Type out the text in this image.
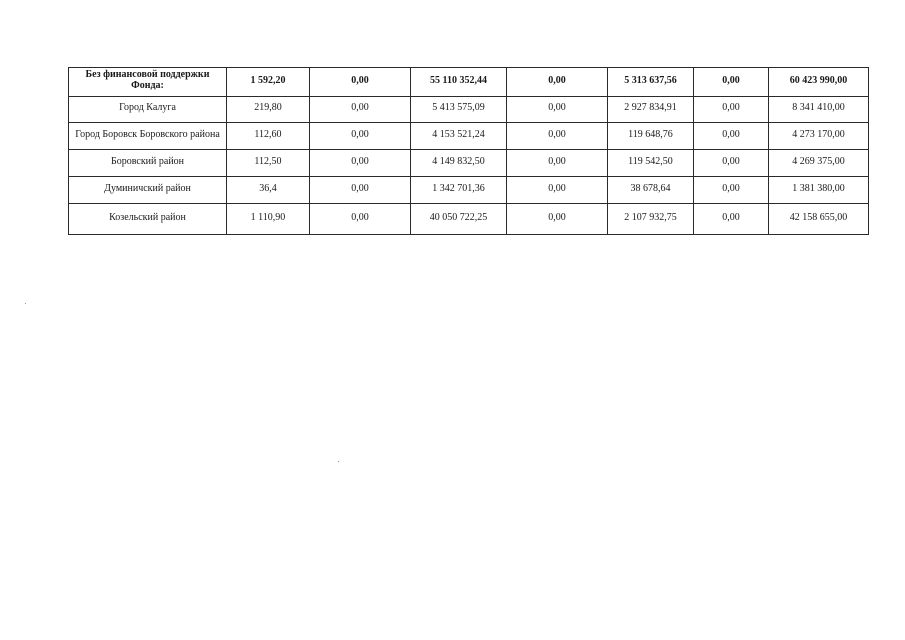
Без финансовой поддержки Фонда:	1 592,20	0,00	55 110 352,44	0,00	5 313 637,56	0,00	60 423 990,00
Город Калуга	219,80	0,00	5 413 575,09	0,00	2 927 834,91	0,00	8 341 410,00
Город Боровск Боровского района	112,60	0,00	4 153 521,24	0,00	119 648,76	0,00	4 273 170,00
Боровский район	112,50	0,00	4 149 832,50	0,00	119 542,50	0,00	4 269 375,00
Думиничский район	36,4	0,00	1 342 701,36	0,00	38 678,64	0,00	1 381 380,00
Козельский район	1 110,90	0,00	40 050 722,25	0,00	2 107 932,75	0,00	42 158 655,00
